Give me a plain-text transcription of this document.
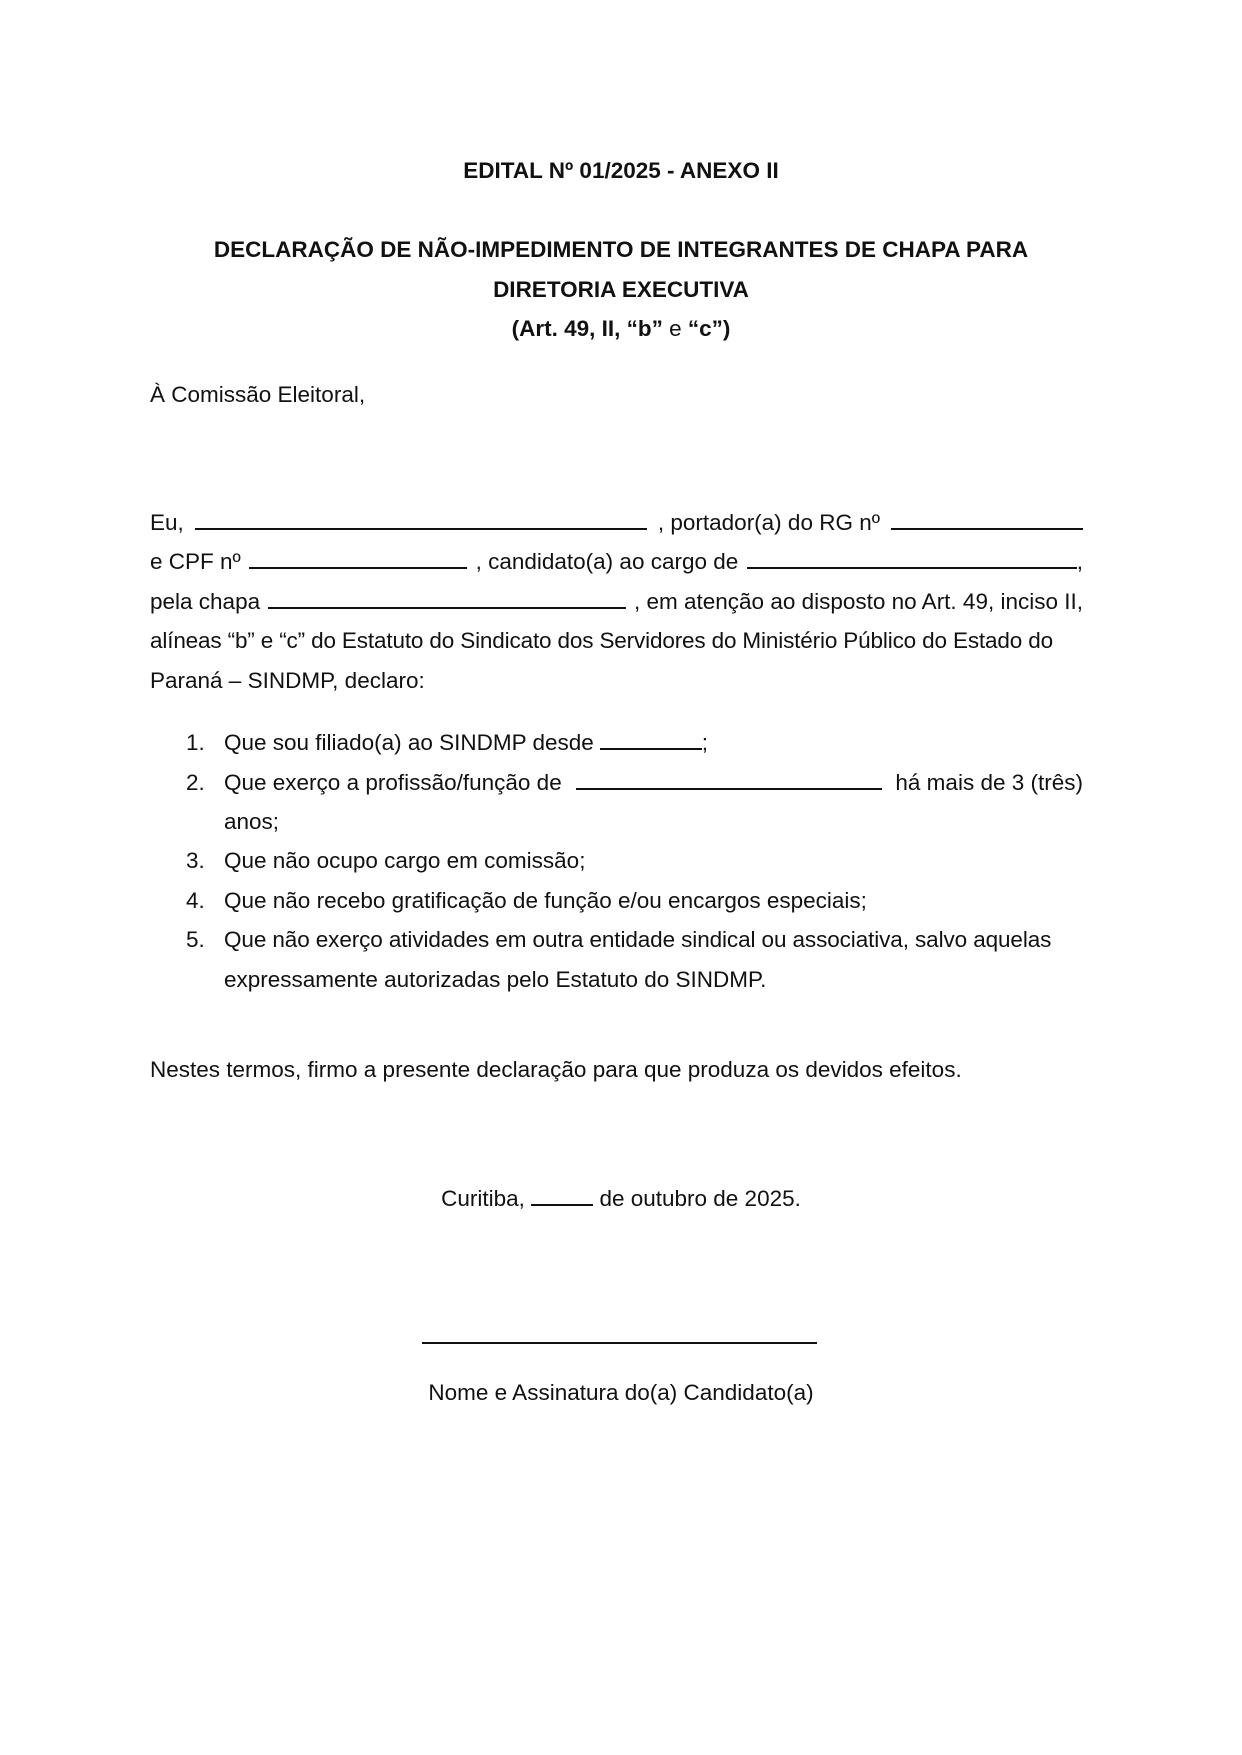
EDITAL Nº 01/2025 - ANEXO II
DECLARAÇÃO DE NÃO-IMPEDIMENTO DE INTEGRANTES DE CHAPA PARA
DIRETORIA EXECUTIVA
(Art. 49, II, “b” e “c”)
À Comissão Eleitoral,
Eu,	, portador(a) do RG nº
e CPF nº	, candidato(a) ao cargo de	,
pela chapa	, em atenção ao disposto no Art. 49, inciso II,
alíneas “b” e “c” do Estatuto do Sindicato dos Servidores do Ministério Público do Estado do
Paraná – SINDMP, declaro:
1. Que sou filiado(a) ao SINDMP desde	;
2. Que exerço a profissão/função de	há mais de 3 (três)
anos;
3. Que não ocupo cargo em comissão;
4. Que não recebo gratificação de função e/ou encargos especiais;
5. Que não exerço atividades em outra entidade sindical ou associativa, salvo aquelas
expressamente autorizadas pelo Estatuto do SINDMP.
Nestes termos, firmo a presente declaração para que produza os devidos efeitos.
Curitiba,	de outubro de 2025.
Nome e Assinatura do(a) Candidato(a)
